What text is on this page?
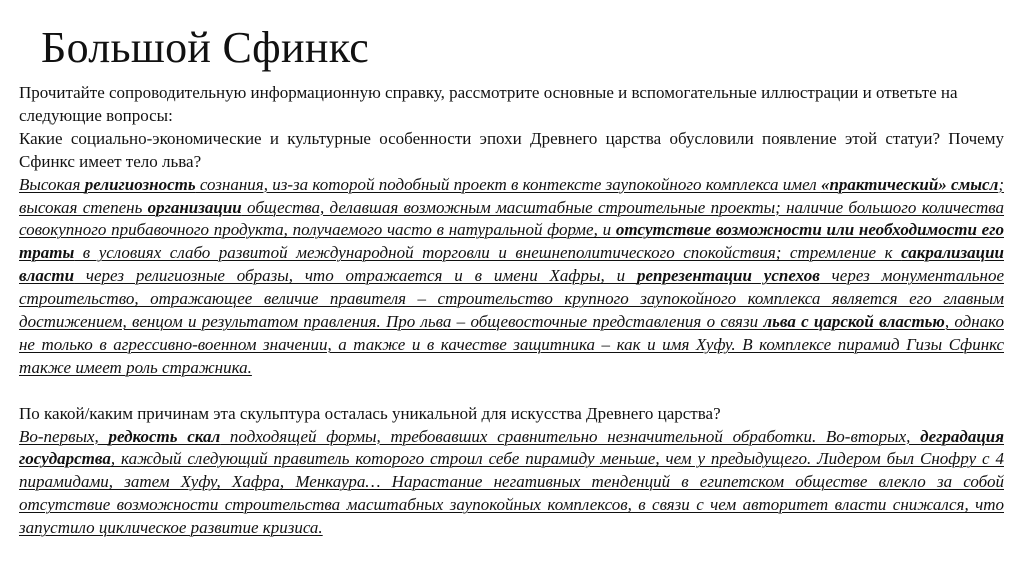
Большой Сфинкс

Прочитайте сопроводительную информационную справку, рассмотрите основные и вспомогательные иллюстрации и ответьте на следующие вопросы:

Какие социально-экономические и культурные особенности эпохи Древнего царства обусловили появление этой статуи? Почему Сфинкс имеет тело льва?

Высокая религиозность сознания, из-за которой подобный проект в контексте заупокойного комплекса имел «практический» смысл; высокая степень организации общества, делавшая возможным масштабные строительные проекты; наличие большого количества совокупного прибавочного продукта, получаемого часто в натуральной форме, и отсутствие возможности или необходимости его траты в условиях слабо развитой международной торговли и внешнеполитического спокойствия; стремление к сакрализации власти через религиозные образы, что отражается и в имени Хафры, и репрезентации успехов через монументальное строительство, отражающее величие правителя – строительство крупного заупокойного комплекса является его главным достижением, венцом и результатом правления. Про льва – общевосточные представления о связи льва с царской властью, однако не только в агрессивно-военном значении, а также и в качестве защитника – как и имя Хуфу. В комплексе пирамид Гизы Сфинкс также имеет роль стражника.

По какой/каким причинам эта скульптура осталась уникальной для искусства Древнего царства?

Во-первых, редкость скал подходящей формы, требовавших сравнительно незначительной обработки. Во-вторых, деградация государства, каждый следующий правитель которого строил себе пирамиду меньше, чем у предыдущего. Лидером был Снофру с 4 пирамидами, затем Хуфу, Хафра, Менкаура… Нарастание негативных тенденций в египетском обществе влекло за собой отсутствие возможности строительства масштабных заупокойных комплексов, в связи с чем авторитет власти снижался, что запустило циклическое развитие кризиса.
